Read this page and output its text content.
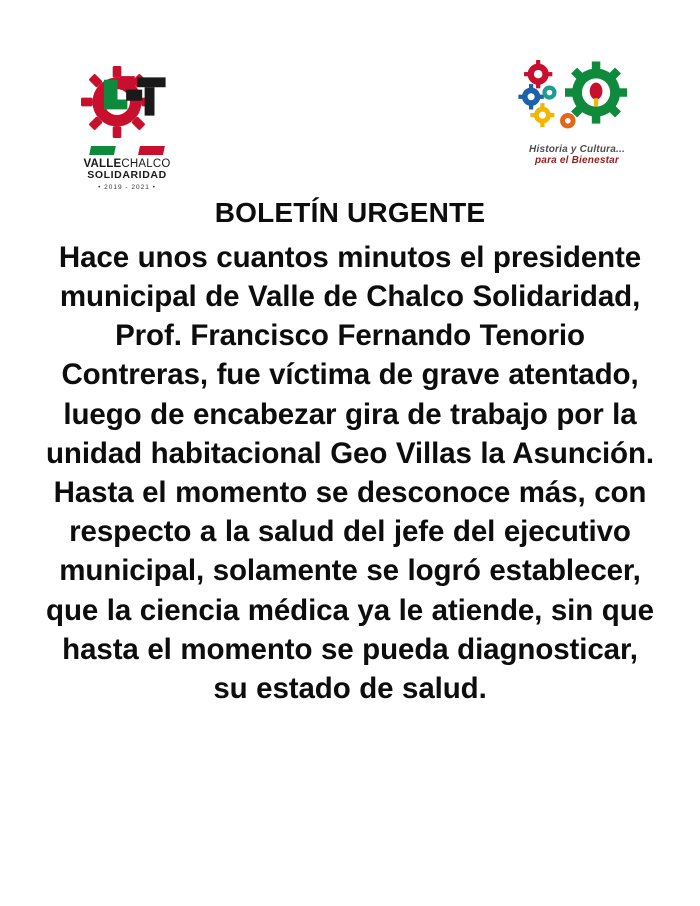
VALLECHALCO
SOLIDARIDAD
• 2019 - 2021 •
Historia y Cultura...
para el Bienestar
BOLETÍN URGENTE

Hace unos cuantos minutos el presidente municipal de Valle de Chalco Solidaridad, Prof. Francisco Fernando Tenorio Contreras, fue víctima de grave atentado, luego de encabezar gira de trabajo por la unidad habitacional Geo Villas la Asunción. Hasta el momento se desconoce más, con respecto a la salud del jefe del ejecutivo municipal, solamente se logró establecer, que la ciencia médica ya le atiende, sin que hasta el momento se pueda diagnosticar, su estado de salud.
